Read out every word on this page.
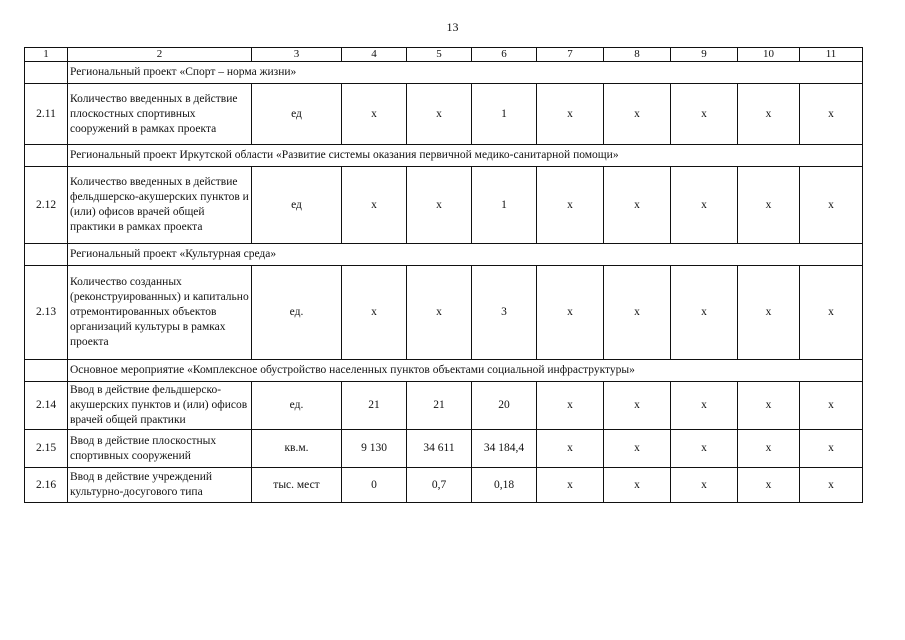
13
1	2	3	4	5	6	7	8	9	10	11
	Региональный проект «Спорт – норма жизни»									
2.11	Количество введенных в действие плоскостных спортивных сооружений в рамках проекта	ед	х	х	1	х	х	х	х	х
	Региональный проект Иркутской области «Развитие системы оказания первичной медико-санитарной помощи»									
2.12	Количество введенных в действие фельдшерско-акушерских пунктов и (или) офисов врачей общей практики в рамках проекта	ед	х	х	1	х	х	х	х	х
	Региональный проект «Культурная среда»									
2.13	Количество созданных (реконструированных) и капитально отремонтированных объектов организаций культуры в рамках проекта	ед.	х	х	3	х	х	х	х	х
	Основное мероприятие «Комплексное обустройство населенных пунктов объектами социальной инфраструктуры»									
2.14	Ввод в действие фельдшерско-акушерских пунктов и (или) офисов врачей общей практики	ед.	21	21	20	х	х	х	х	х
2.15	Ввод в действие плоскостных спортивных сооружений	кв.м.	9 130	34 611	34 184,4	х	х	х	х	х
2.16	Ввод в действие учреждений культурно-досугового типа	тыс. мест	0	0,7	0,18	х	х	х	х	х
